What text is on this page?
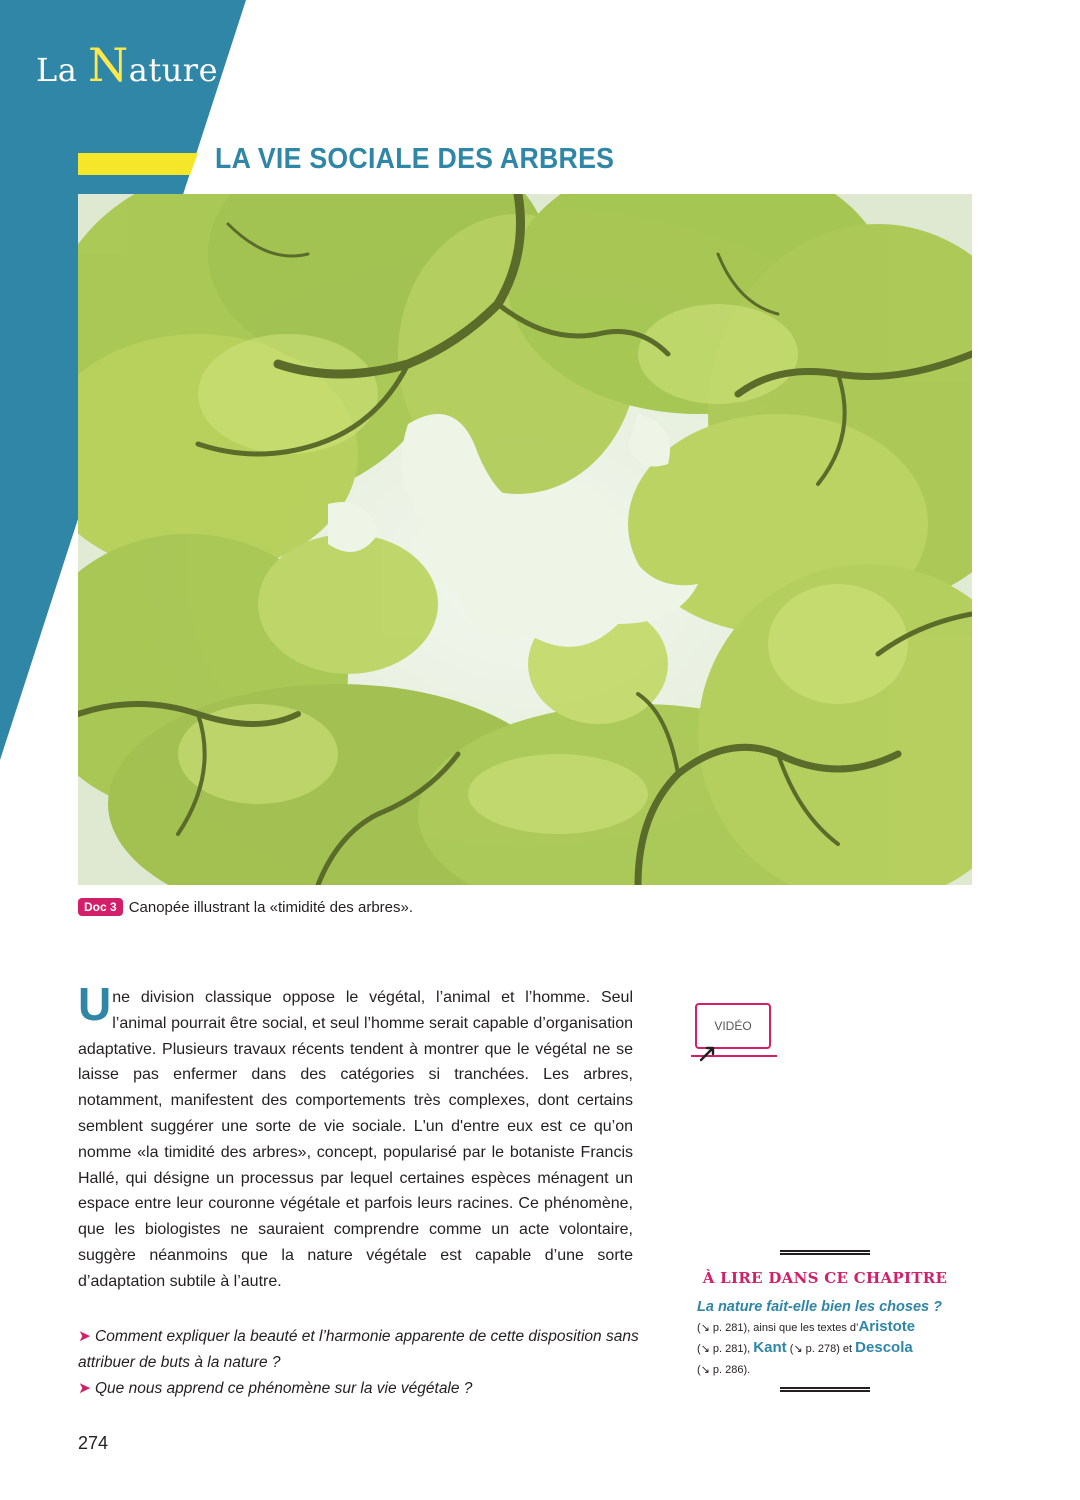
La Nature
LA VIE SOCIALE DES ARBRES
Doc 3 Canopée illustrant la «timidité des arbres».

Une division classique oppose le végétal, l’animal et l’homme. Seul l’animal pourrait être social, et seul l’homme serait capable d’organisation adaptative. Plusieurs travaux récents tendent à montrer que le végétal ne se laisse pas enfermer dans des catégories si tranchées. Les arbres, notamment, manifestent des comportements très complexes, dont certains semblent suggérer une sorte de vie sociale. L'un d'entre eux est ce qu’on nomme «la timidité des arbres», concept, popularisé par le botaniste Francis Hallé, qui désigne un processus par lequel certaines espèces ménagent un espace entre leur couronne végétale et parfois leurs racines. Ce phénomène, que les biologistes ne sauraient comprendre comme un acte volontaire, suggère néanmoins que la nature végétale est capable d’une sorte d’adaptation subtile à l’autre.

➤ Comment expliquer la beauté et l’harmonie apparente de cette disposition sans attribuer de buts à la nature ?

➤ Que nous apprend ce phénomène sur la vie végétale ?

VIDÉO
À LIRE DANS CE CHAPITRE
La nature fait-elle bien les choses ?
(↘ p. 281), ainsi que les textes d’Aristote
(↘ p. 281), Kant (↘ p. 278) et Descola
(↘ p. 286).
274
